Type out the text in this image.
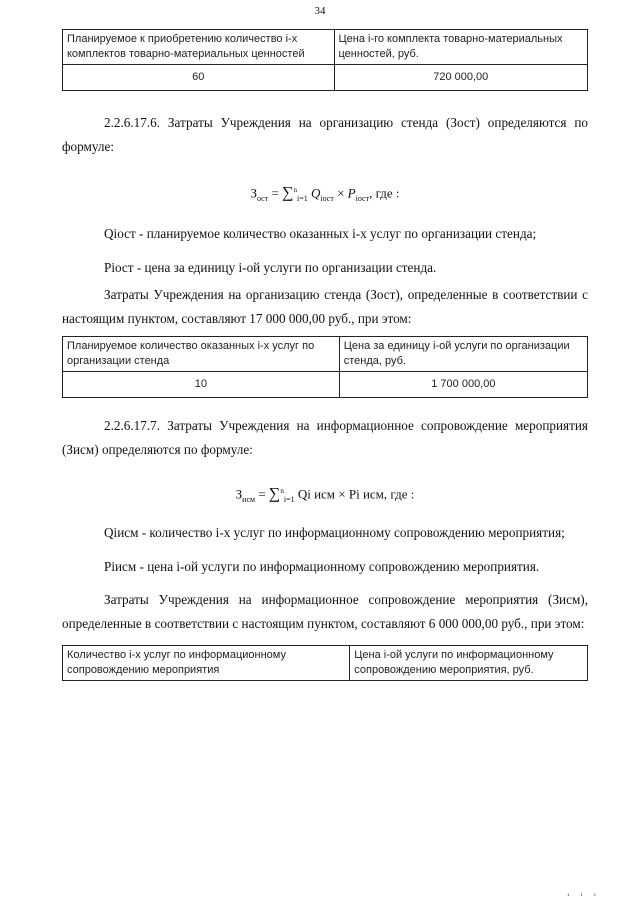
34
Планируемое к приобретению количество i-х комплектов товарно-материальных ценностей	Цена i-го комплекта товарно-материальных ценностей, руб.
60	720 000,00

2.2.6.17.6. Затраты Учреждения на организацию стенда (Зост) определяются по формуле:

$З_{ост} = \sum^n_{i=1}$ $Q_{iост} \times P_{iост}$, где :

Qiост - планируемое количество оказанных i-х услуг по организации стенда;

Piост - цена за единицу i-ой услуги по организации стенда.

Затраты Учреждения на организацию стенда (Зост), определенные в соответствии с настоящим пунктом, составляют 17 000 000,00 руб., при этом:

Планируемое количество оказанных i-х услуг по организации стенда	Цена за единицу i-ой услуги по организации стенда, руб.
10	1 700 000,00

2.2.6.17.7. Затраты Учреждения на информационное сопровождение мероприятия (Зисм) определяются по формуле:

$З_{исм} = \sum^n_{i=1}$ Qi исм × Pi исм, где :

Qiисм - количество i-х услуг по информационному сопровождению мероприятия;

Piисм - цена i-ой услуги по информационному сопровождению мероприятия.

Затраты Учреждения на информационное сопровождение мероприятия (Зисм), определенные в соответствии с настоящим пунктом, составляют 6 000 000,00 руб., при этом:

Количество i-х услуг по информационному сопровождению мероприятия	Цена i-ой услуги по информационному сопровождению мероприятия, руб.
' ' '
